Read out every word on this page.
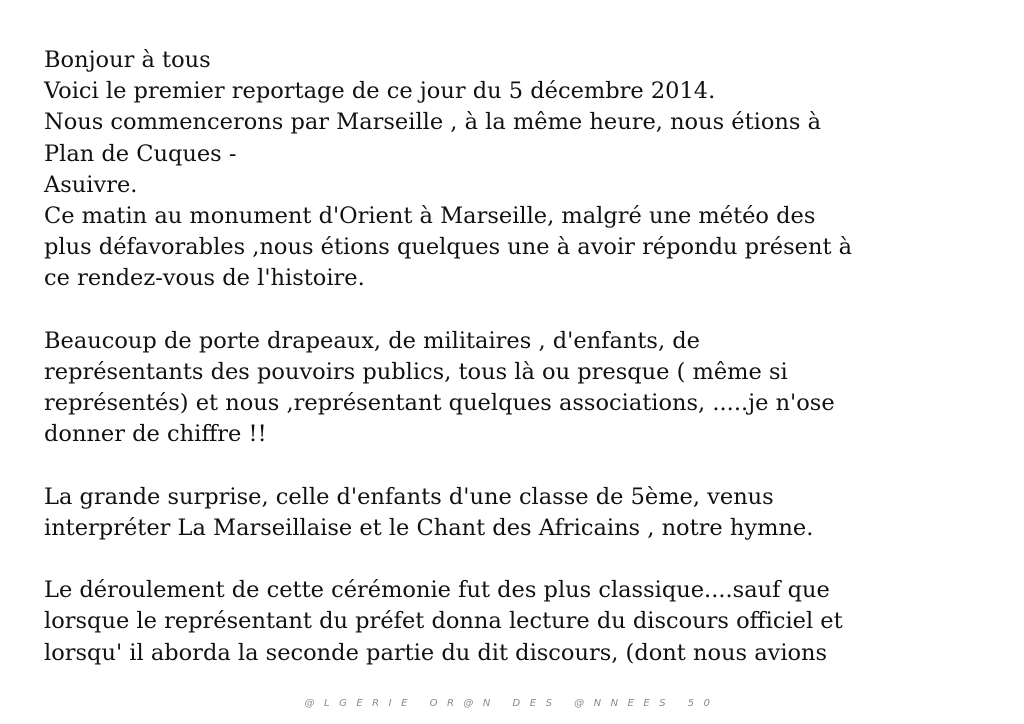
Bonjour à tous
Voici le premier reportage de ce jour du 5 décembre 2014.
Nous commencerons par Marseille , à la même heure, nous étions à
Plan de Cuques -
Asuivre.
Ce matin au monument d'Orient à Marseille, malgré une météo des
plus défavorables ,nous étions quelques une à avoir répondu présent à
ce rendez-vous de l'histoire.
Beaucoup de porte drapeaux, de militaires , d'enfants, de
représentants des pouvoirs publics, tous là ou presque ( même si
représentés) et nous ,représentant quelques associations, .....je n'ose
donner de chiffre !!
La grande surprise, celle d'enfants d'une classe de 5ème, venus
interpréter La Marseillaise et le Chant des Africains , notre hymne.
Le déroulement de cette cérémonie fut des plus classique....sauf que
lorsque le représentant du préfet donna lecture du discours officiel et
lorsqu' il aborda la seconde partie du dit discours, (dont nous avions
@LGERIE OR@N DES @NNEES 50
